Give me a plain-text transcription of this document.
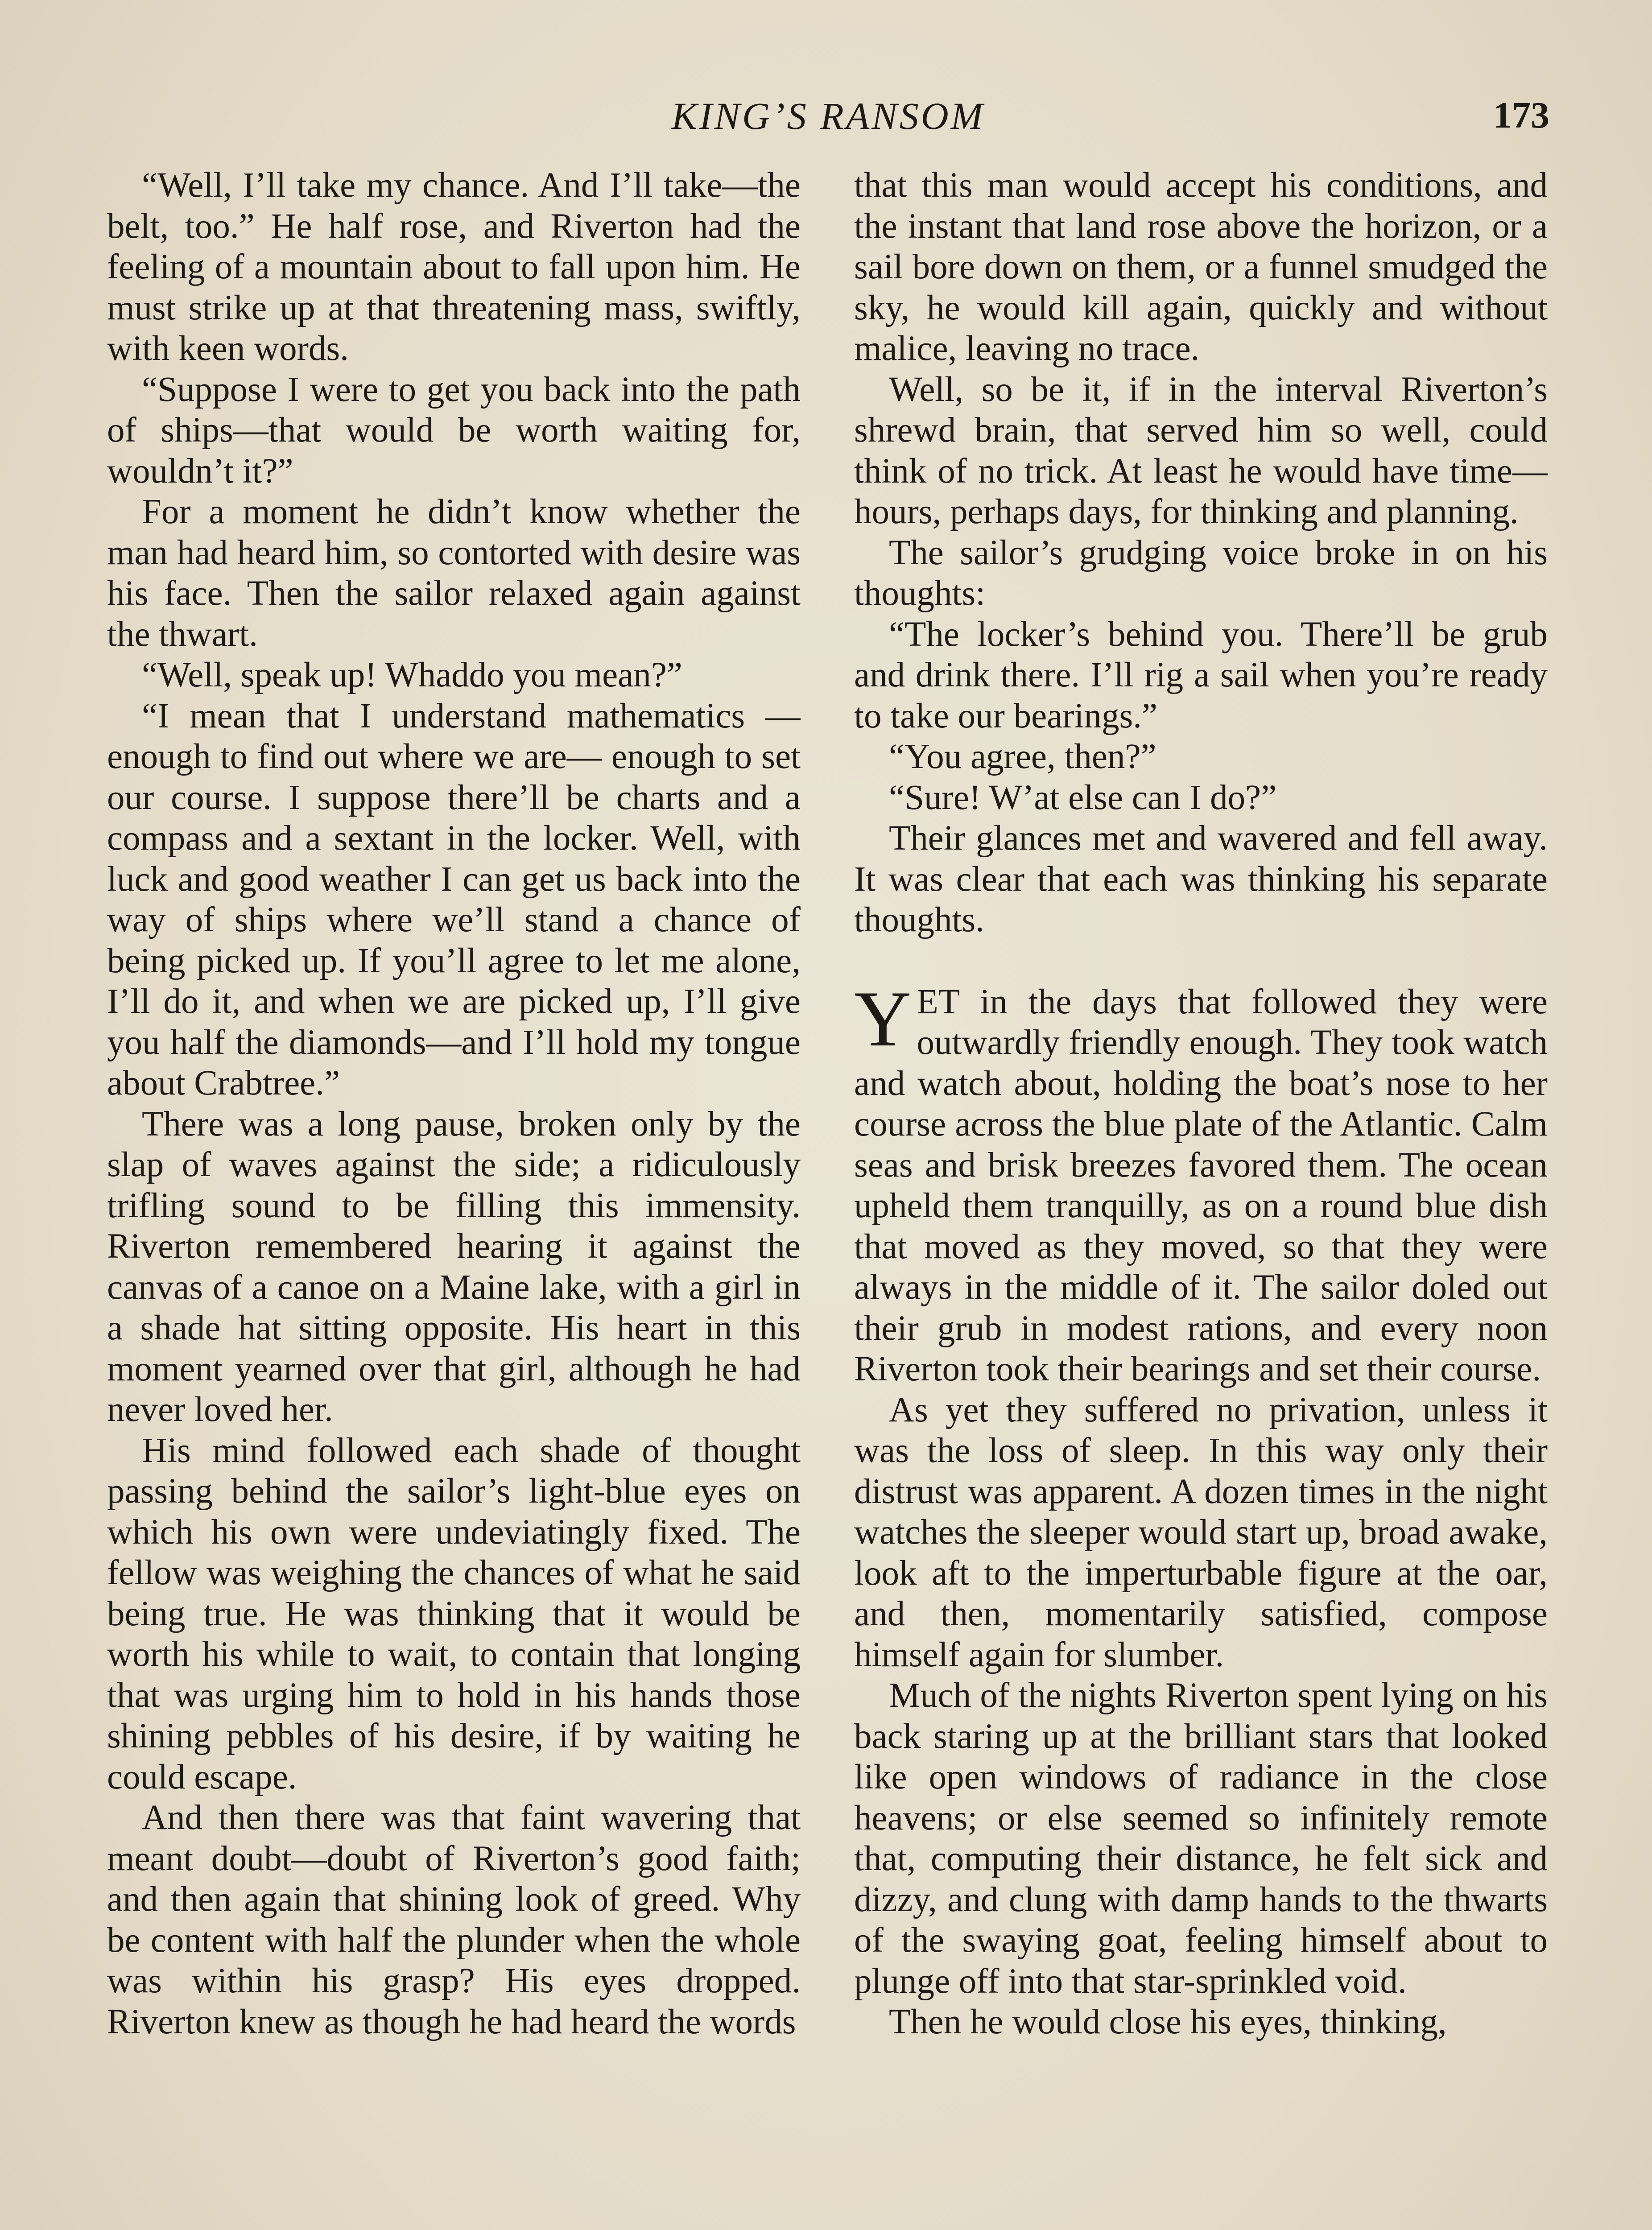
KING’S RANSOM	173

“Well, I’ll take my chance. And I’ll take—the belt, too.” He half rose, and Riverton had the feeling of a mountain about to fall upon him. He must strike up at that threatening mass, swiftly, with keen words.

“Suppose I were to get you back into the path of ships—that would be worth waiting for, wouldn’t it?”

For a moment he didn’t know whether the man had heard him, so contorted with desire was his face. Then the sailor relaxed again against the thwart.

“Well, speak up! Whaddo you mean?”

“I mean that I understand mathematics —enough to find out where we are— enough to set our course. I suppose there’ll be charts and a compass and a sextant in the locker. Well, with luck and good weather I can get us back into the way of ships where we’ll stand a chance of being picked up. If you’ll agree to let me alone, I’ll do it, and when we are picked up, I’ll give you half the diamonds—and I’ll hold my tongue about Crabtree.”

There was a long pause, broken only by the slap of waves against the side; a ridiculously trifling sound to be filling this immensity. Riverton remembered hearing it against the canvas of a canoe on a Maine lake, with a girl in a shade hat sitting opposite. His heart in this moment yearned over that girl, although he had never loved her.

His mind followed each shade of thought passing behind the sailor’s light-blue eyes on which his own were undeviatingly fixed. The fellow was weighing the chances of what he said being true. He was thinking that it would be worth his while to wait, to contain that longing that was urging him to hold in his hands those shining pebbles of his desire, if by waiting he could escape.

And then there was that faint wavering that meant doubt—doubt of Riverton’s good faith; and then again that shining look of greed. Why be content with half the plunder when the whole was within his grasp? His eyes dropped. Riverton knew as though he had heard the words

that this man would accept his conditions, and the instant that land rose above the horizon, or a sail bore down on them, or a funnel smudged the sky, he would kill again, quickly and without malice, leaving no trace.

Well, so be it, if in the interval Riverton’s shrewd brain, that served him so well, could think of no trick. At least he would have time—hours, perhaps days, for thinking and planning.

The sailor’s grudging voice broke in on his thoughts:

“The locker’s behind you. There’ll be grub and drink there. I’ll rig a sail when you’re ready to take our bearings.”

“You agree, then?”

“Sure! W’at else can I do?”

Their glances met and wavered and fell away. It was clear that each was thinking his separate thoughts.

YET in the days that followed they were outwardly friendly enough. They took watch and watch about, holding the boat’s nose to her course across the blue plate of the Atlantic. Calm seas and brisk breezes favored them. The ocean upheld them tranquilly, as on a round blue dish that moved as they moved, so that they were always in the middle of it. The sailor doled out their grub in modest rations, and every noon Riverton took their bearings and set their course.

As yet they suffered no privation, unless it was the loss of sleep. In this way only their distrust was apparent. A dozen times in the night watches the sleeper would start up, broad awake, look aft to the imperturbable figure at the oar, and then, momentarily satisfied, compose himself again for slumber.

Much of the nights Riverton spent lying on his back staring up at the brilliant stars that looked like open windows of radiance in the close heavens; or else seemed so infinitely remote that, computing their distance, he felt sick and dizzy, and clung with damp hands to the thwarts of the swaying goat, feeling himself about to plunge off into that star-sprinkled void.

Then he would close his eyes, thinking,
